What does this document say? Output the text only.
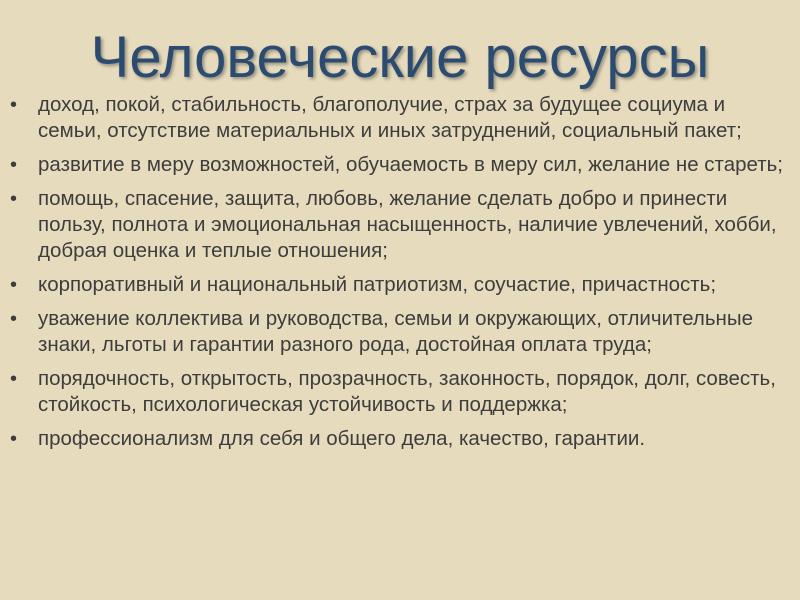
Человеческие ресурсы
• доход, покой, стабильность, благополучие, страх за будущее социума и семьи, отсутствие материальных и иных затруднений, социальный пакет;
• развитие в меру возможностей, обучаемость в меру сил, желание не стареть;
• помощь, спасение, защита, любовь, желание сделать добро и принести пользу, полнота и эмоциональная насыщенность, наличие увлечений, хобби, добрая оценка и теплые отношения;
• корпоративный и национальный патриотизм, соучастие, причастность;
• уважение коллектива и руководства, семьи и окружающих, отличительные знаки, льготы и гарантии разного рода, достойная оплата труда;
• порядочность, открытость, прозрачность, законность, порядок, долг, совесть, стойкость, психологическая устойчивость и поддержка;
• профессионализм для себя и общего дела, качество, гарантии.
